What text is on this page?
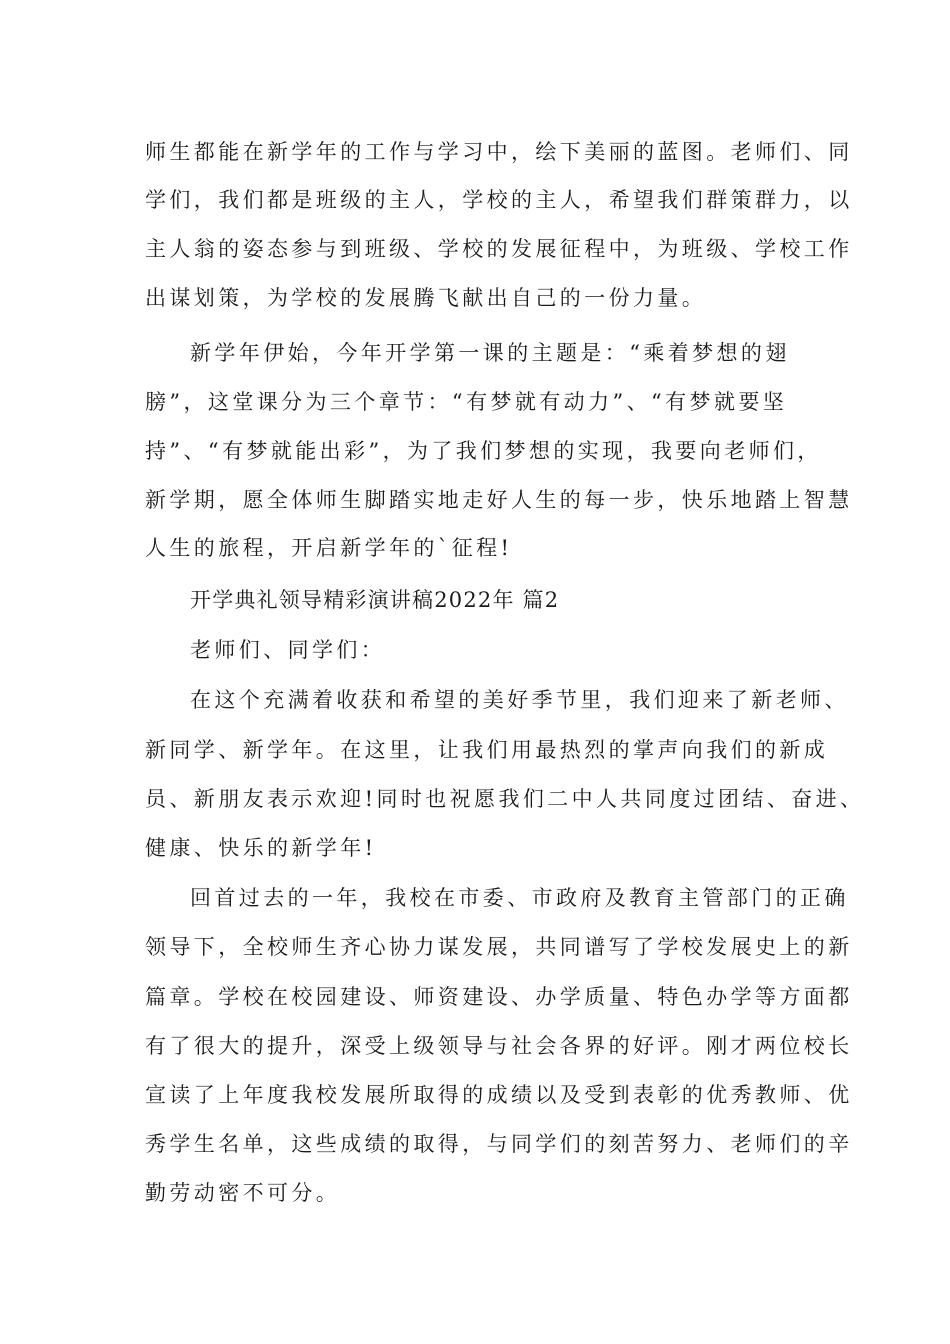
师生都能在新学年的工作与学习中，绘下美丽的蓝图。老师们、同
学们，我们都是班级的主人，学校的主人，希望我们群策群力，以
主人翁的姿态参与到班级、学校的发展征程中，为班级、学校工作
出谋划策，为学校的发展腾飞献出自己的一份力量。
新学年伊始，今年开学第一课的主题是：“乘着梦想的翅
膀”，这堂课分为三个章节：“有梦就有动力”、“有梦就要坚
持”、“有梦就能出彩”，为了我们梦想的实现，我要向老师们，
新学期，愿全体师生脚踏实地走好人生的每一步，快乐地踏上智慧
人生的旅程，开启新学年的`征程!
开学典礼领导精彩演讲稿2022年 篇2
老师们、同学们：
在这个充满着收获和希望的美好季节里，我们迎来了新老师、
新同学、新学年。在这里，让我们用最热烈的掌声向我们的新成
员、新朋友表示欢迎!同时也祝愿我们二中人共同度过团结、奋进、
健康、快乐的新学年!
回首过去的一年，我校在市委、市政府及教育主管部门的正确
领导下，全校师生齐心协力谋发展，共同谱写了学校发展史上的新
篇章。学校在校园建设、师资建设、办学质量、特色办学等方面都
有了很大的提升，深受上级领导与社会各界的好评。刚才两位校长
宣读了上年度我校发展所取得的成绩以及受到表彰的优秀教师、优
秀学生名单，这些成绩的取得，与同学们的刻苦努力、老师们的辛
勤劳动密不可分。
